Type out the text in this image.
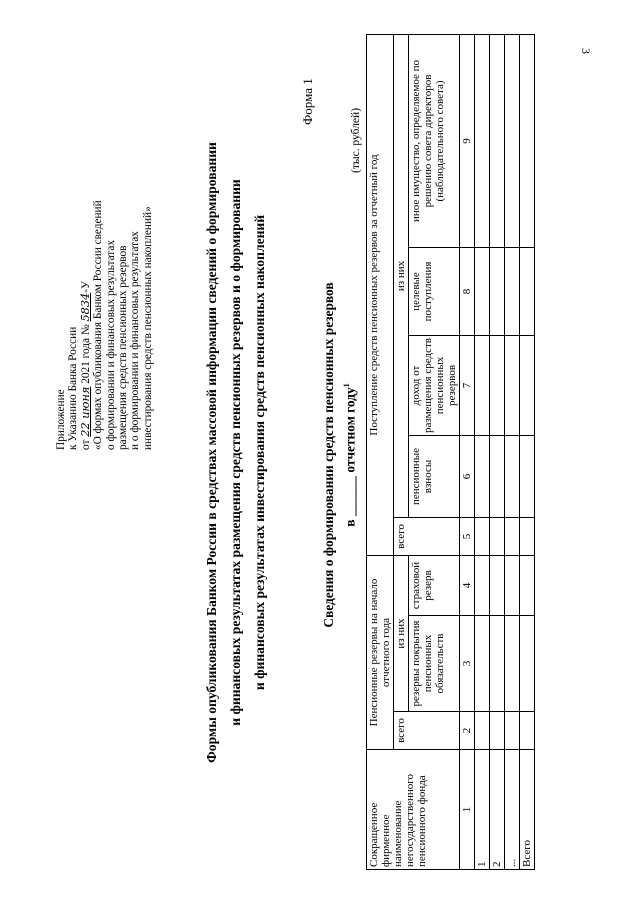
3
Приложение к Указанию Банка России от 22 июня 2021 года № 5834-У «О формах опубликования Банком России сведений о формировании и финансовых результатах размещения средств пенсионных резервов и о формировании и финансовых результатах инвестирования средств пенсионных накоплений»	Формы опубликования Банком России в средствах массовой информации сведений о формировании и финансовых результатах размещения средств пенсионных резервов и о формировании и финансовых результатах инвестирования средств пенсионных накоплений
Форма 1
Сведения о формировании средств пенсионных резервов в ______ отчетном году$^1$
(тыс. рублей)
Сокращенное фирменное наименование негосударственного пенсионного фонда	Пенсионные резервы на начало отчетного года			Поступление средств пенсионных резервов за отчетный год				
	всего	из них		всего	из них			
		резервы покрытия пенсионных обязательств	страховой резерв		пенсионные взносы	доход от размещения средств пенсионных резервов	целевые поступления	иное имущество, определяемое по решению совета директоров (наблюдательного совета)
1	2	3	4	5	6	7	8	9
1								
2								
...								
Всего								
